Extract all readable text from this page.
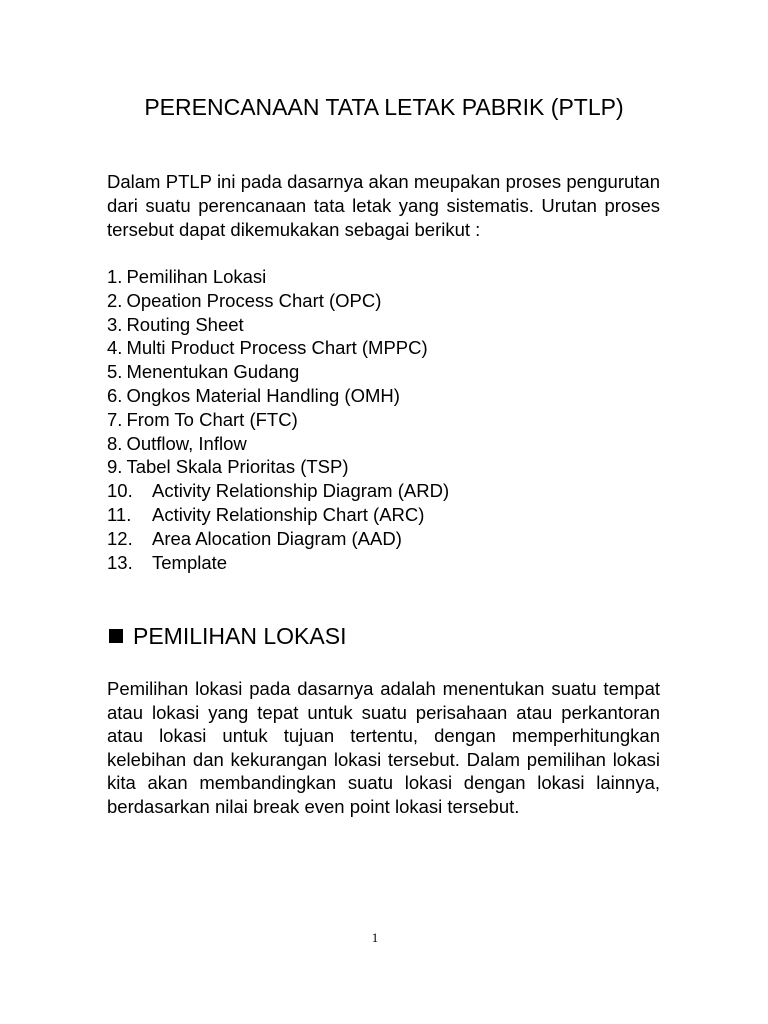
PERENCANAAN TATA LETAK PABRIK (PTLP)

Dalam PTLP ini pada dasarnya akan meupakan proses pengurutan dari suatu perencanaan tata letak yang sistematis. Urutan proses tersebut dapat dikemukakan sebagai berikut :

1. Pemilihan Lokasi
2. Opeation Process Chart (OPC)
3. Routing Sheet
4. Multi Product Process Chart (MPPC)
5. Menentukan Gudang
6. Ongkos Material Handling (OMH)
7. From To Chart (FTC)
8. Outflow, Inflow
9. Tabel Skala Prioritas (TSP)
10. Activity Relationship Diagram (ARD)
11. Activity Relationship Chart (ARC)
12. Area Alocation Diagram (AAD)
13. Template
PEMILIHAN LOKASI

Pemilihan lokasi pada dasarnya adalah menentukan suatu tempat atau lokasi yang tepat untuk suatu perisahaan atau perkantoran atau lokasi untuk tujuan tertentu, dengan memperhitungkan kelebihan dan kekurangan lokasi tersebut. Dalam pemilihan lokasi kita akan membandingkan suatu lokasi dengan lokasi lainnya, berdasarkan nilai break even point lokasi tersebut.

1
